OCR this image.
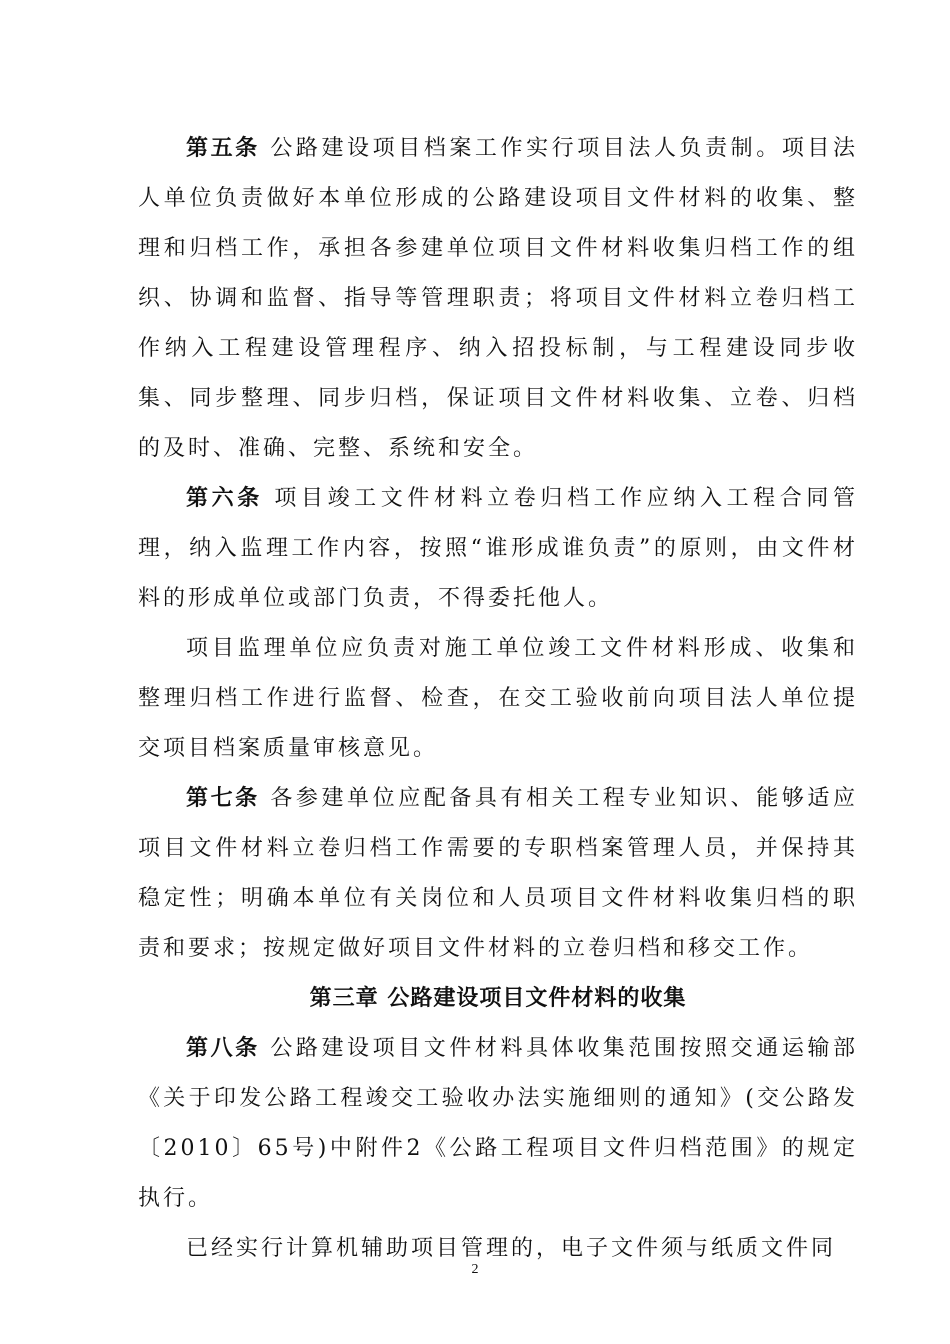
第五条 公路建设项目档案工作实行项目法人负责制。项目法人单位负责做好本单位形成的公路建设项目文件材料的收集、整理和归档工作，承担各参建单位项目文件材料收集归档工作的组织、协调和监督、指导等管理职责；将项目文件材料立卷归档工作纳入工程建设管理程序、纳入招投标制，与工程建设同步收集、同步整理、同步归档，保证项目文件材料收集、立卷、归档的及时、准确、完整、系统和安全。

第六条 项目竣工文件材料立卷归档工作应纳入工程合同管理，纳入监理工作内容，按照“谁形成谁负责”的原则，由文件材料的形成单位或部门负责，不得委托他人。

项目监理单位应负责对施工单位竣工文件材料形成、收集和整理归档工作进行监督、检查，在交工验收前向项目法人单位提交项目档案质量审核意见。

第七条 各参建单位应配备具有相关工程专业知识、能够适应项目文件材料立卷归档工作需要的专职档案管理人员，并保持其稳定性；明确本单位有关岗位和人员项目文件材料收集归档的职责和要求；按规定做好项目文件材料的立卷归档和移交工作。

第三章 公路建设项目文件材料的收集

第八条 公路建设项目文件材料具体收集范围按照交通运输部《关于印发公路工程竣交工验收办法实施细则的通知》(交公路发〔2010〕65号)中附件2《公路工程项目文件归档范围》的规定执行。

已经实行计算机辅助项目管理的，电子文件须与纸质文件同

2
